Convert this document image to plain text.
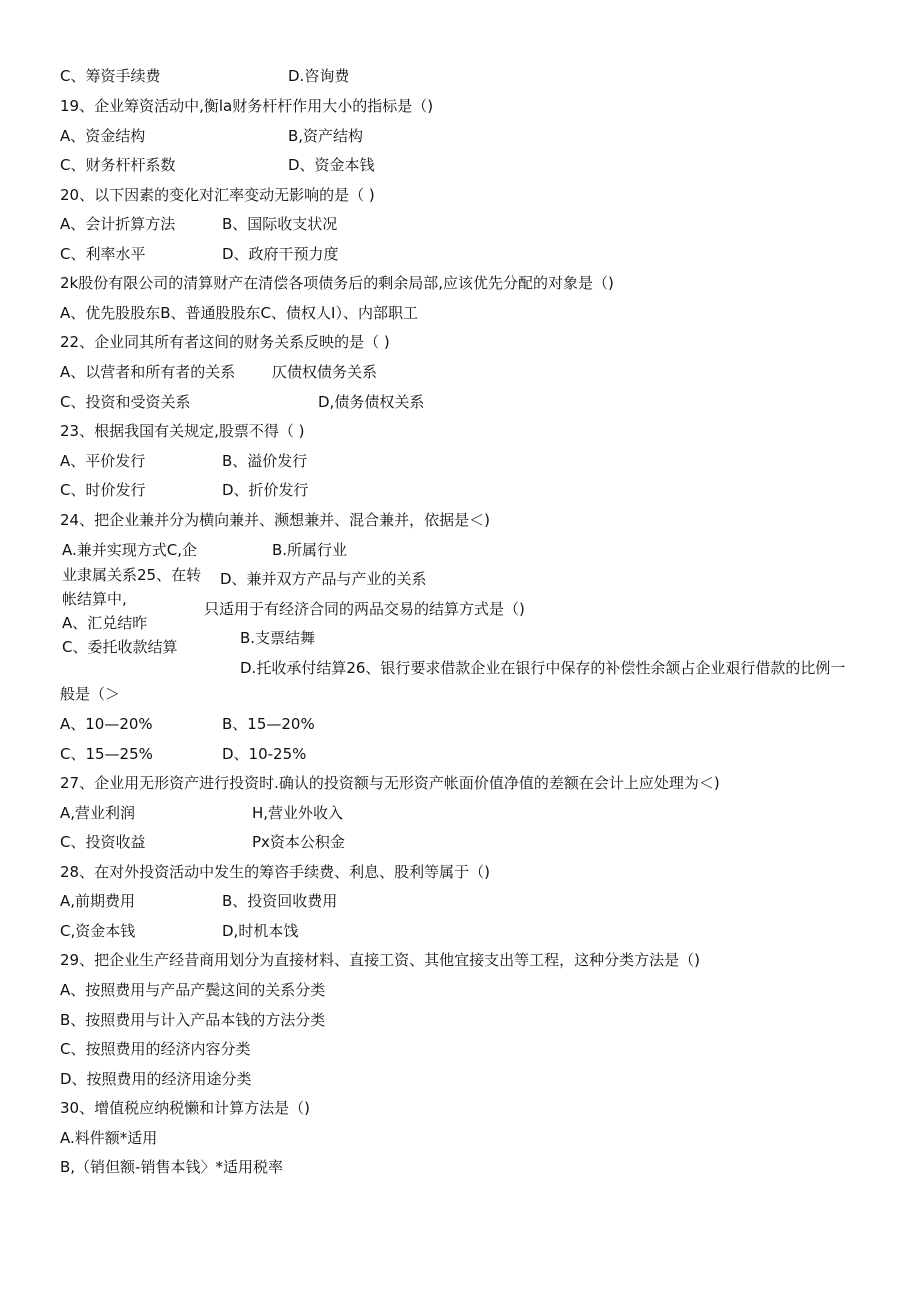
C、筹资手续费	D.咨询费
19、企业筹资活动中,衡la财务杆杆作用大小的指标是（)
A、资金结构	B,资产结构
C、财务杆杆系数	D、资金本钱
20、以下因素的变化对汇率变动无影响的是（ )
A、会计折算方法	B、国际收支状况
C、利率水平	D、政府干预力度
2k股份有限公司的清算财产在清偿各项债务后的剩余局部,应该优先分配的对象是（)
A、优先股股东B、普通股股东C、债权人I）、内部职工
22、企业同其所有者这间的财务关系反映的是（ )
A、以营者和所有者的关系 仄债权债务关系
C、投资和受资关系	D,债务债权关系
23、根据我国有关规定,股票不得（ )
A、平价发行	B、溢价发行
C、时价发行	D、折价发行
24、把企业兼并分为横向兼并、濒想兼并、混合兼并，依据是＜)
A.兼并实现方式C,企	B.所属行业
业隶属关系25、在转 D、兼并双方产品与产业的关系
帐结算中,
只适用于有经济合同的两品交易的结算方式是（)
A、汇兑结昨
B.支票结舞
C、委托收款结算
D.托收承付结算26、银行要求借款企业在银行中保存的补偿性余颔占企业艰行借款的比例一
般是（＞
A、10—20%	B、15—20%
C、15—25%	D、10-25%
27、企业用无形资产进行投资时.确认的投资额与无形资产帐面价值净值的差额在会计上应处理为＜)
A,营业利润	H,营业外收入
C、投资收益	Px资本公积金
28、在对外投资活动中发生的筹咨手续费、利息、股利等属于（)
A,前期费用	B、投资回收费用
C,资金本钱	D,时机本饯
29、把企业生产经昔商用划分为直接材料、直接工资、其他宜接支出等工程，这种分类方法是（)
A、按照费用与产品产鬓这间的关系分类
B、按照费用与计入产品本钱的方法分类
C、按照费用的经济内容分类
D、按照费用的经济用途分类
30、增值税应纳税懒和计算方法是（)
A.料件额*适用
B,（销但额-销售本钱〉*适用税率
